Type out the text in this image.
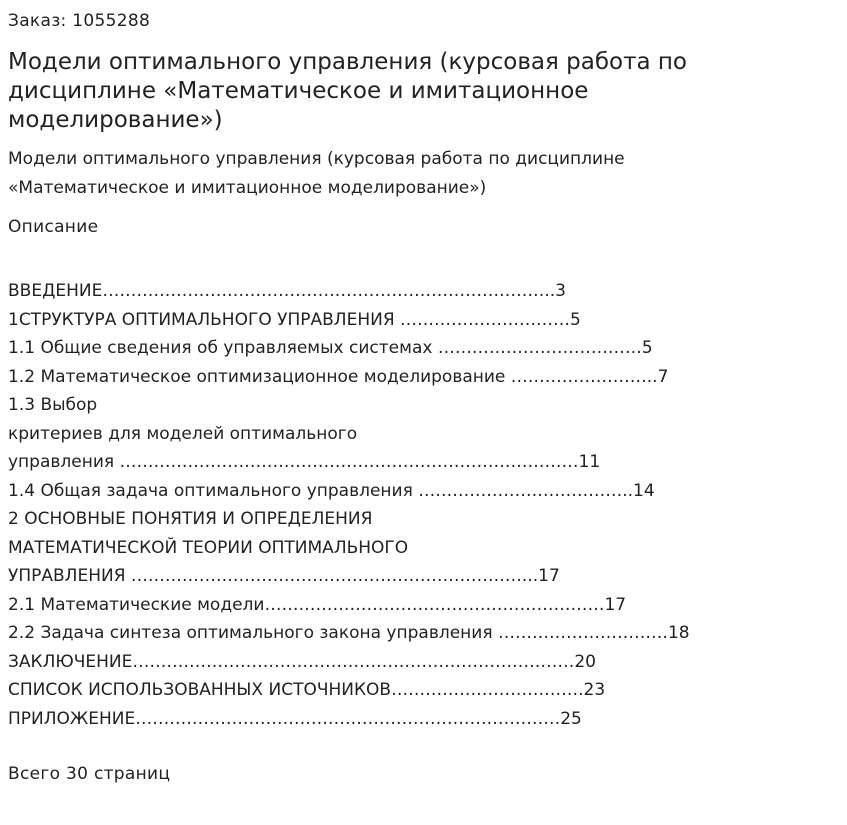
Заказ: 1055288
Модели оптимального управления (курсовая работа по дисциплине «Математическое и имитационное моделирование»)

Модели оптимального управления (курсовая работа по дисциплине «Математическое и имитационное моделирование»)

Описание
ВВЕДЕНИЕ……………………………………………………………………..3
1СТРУКТУРА ОПТИМАЛЬНОГО УПРАВЛЕНИЯ …………………………5
1.1 Общие сведения об управляемых системах ………………………………5
1.2 Математическое оптимизационное моделирование ……………………..7
1.3 Выбор
критериев для моделей оптимального
управления ………………………………………………………………………11
1.4 Общая задача оптимального управления ………………………………..14
2 ОСНОВНЫЕ ПОНЯТИЯ И ОПРЕДЕЛЕНИЯ
МАТЕМАТИЧЕСКОЙ ТЕОРИИ ОПТИМАЛЬНОГО
УПРАВЛЕНИЯ ……………………………………………………………...17
2.1 Математические модели……………………………………………………17
2.2 Задача синтеза оптимального закона управления …………………………18
ЗАКЛЮЧЕНИЕ……………………………………………………………………20
СПИСОК ИСПОЛЬЗОВАННЫХ ИСТОЧНИКОВ…………………………….23
ПРИЛОЖЕНИЕ…………………………………………………………………25
Всего 30 страниц
